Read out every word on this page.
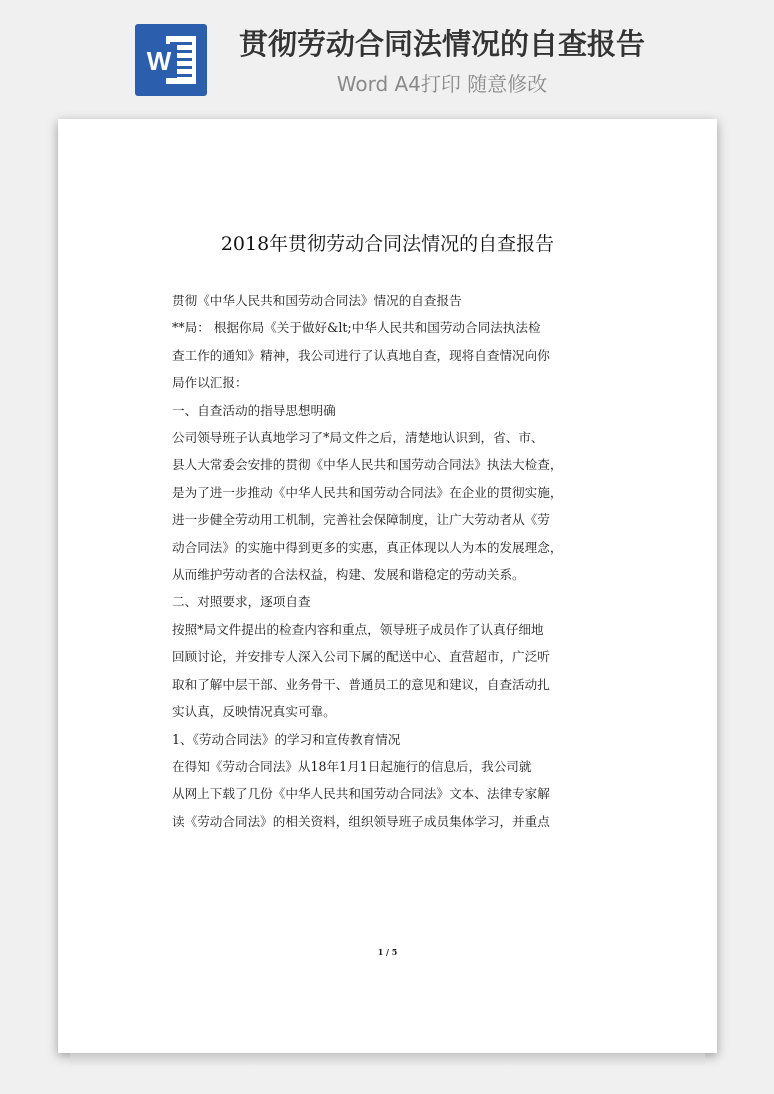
W	贯彻劳动合同法情况的自查报告
Word A4打印 随意修改
2018年贯彻劳动合同法情况的自查报告

贯彻《中华人民共和国劳动合同法》情况的自查报告

**局： 根据你局《关于做好&lt;中华人民共和国劳动合同法执法检

查工作的通知》精神，我公司进行了认真地自查，现将自查情况向你

局作以汇报：

一、自查活动的指导思想明确

公司领导班子认真地学习了*局文件之后，清楚地认识到，省、市、

县人大常委会安排的贯彻《中华人民共和国劳动合同法》执法大检查，

是为了进一步推动《中华人民共和国劳动合同法》在企业的贯彻实施，

进一步健全劳动用工机制，完善社会保障制度，让广大劳动者从《劳

动合同法》的实施中得到更多的实惠，真正体现以人为本的发展理念，

从而维护劳动者的合法权益，构建、发展和谐稳定的劳动关系。

二、对照要求，逐项自查

按照*局文件提出的检查内容和重点，领导班子成员作了认真仔细地

回顾讨论，并安排专人深入公司下属的配送中心、直营超市，广泛听

取和了解中层干部、业务骨干、普通员工的意见和建议，自查活动扎

实认真，反映情况真实可靠。

1、《劳动合同法》的学习和宣传教育情况

在得知《劳动合同法》从18年1月1日起施行的信息后，我公司就

从网上下载了几份《中华人民共和国劳动合同法》文本、法律专家解

读《劳动合同法》的相关资料，组织领导班子成员集体学习，并重点

1 / 5
